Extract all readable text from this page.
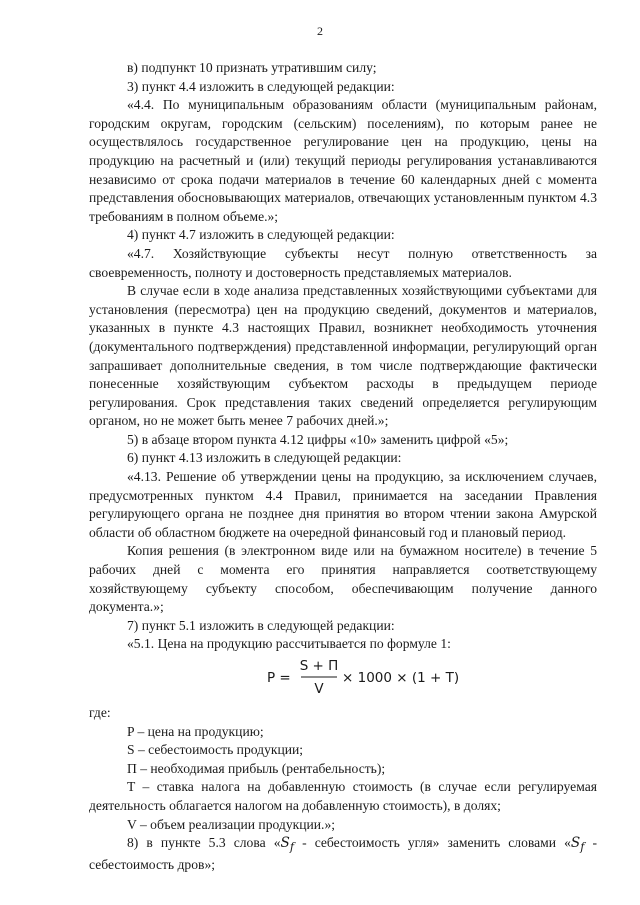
2

в) подпункт 10 признать утратившим силу;

3) пункт 4.4 изложить в следующей редакции:

«4.4. По муниципальным образованиям области (муниципальным районам, городским округам, городским (сельским) поселениям), по которым ранее не осуществлялось государственное регулирование цен на продукцию, цены на продукцию на расчетный и (или) текущий периоды регулирования устанавливаются независимо от срока подачи материалов в течение 60 календарных дней с момента представления обосновывающих материалов, отвечающих установленным пунктом 4.3 требованиям в полном объеме.»;

4) пункт 4.7 изложить в следующей редакции:

«4.7. Хозяйствующие субъекты несут полную ответственность за своевременность, полноту и достоверность представляемых материалов.

В случае если в ходе анализа представленных хозяйствующими субъектами для установления (пересмотра) цен на продукцию сведений, документов и материалов, указанных в пункте 4.3 настоящих Правил, возникнет необходимость уточнения (документального подтверждения) представленной информации, регулирующий орган запрашивает дополнительные сведения, в том числе подтверждающие фактически понесенные хозяйствующим субъектом расходы в предыдущем периоде регулирования. Срок представления таких сведений определяется регулирующим органом, но не может быть менее 7 рабочих дней.»;

5) в абзаце втором пункта 4.12 цифры «10» заменить цифрой «5»;

6) пункт 4.13 изложить в следующей редакции:

«4.13. Решение об утверждении цены на продукцию, за исключением случаев, предусмотренных пунктом 4.4 Правил, принимается на заседании Правления регулирующего органа не позднее дня принятия во втором чтении закона Амурской области об областном бюджете на очередной финансовый год и плановый период.

Копия решения (в электронном виде или на бумажном носителе) в течение 5 рабочих дней с момента его принятия направляется соответствующему хозяйствующему субъекту способом, обеспечивающим получение данного документа.»;

7) пункт 5.1 изложить в следующей редакции:

«5.1. Цена на продукцию рассчитывается по формуле 1:

P =
S + П
V
× 1000 × (1 + T)

где:

P – цена на продукцию;

S – себестоимость продукции;

П – необходимая прибыль (рентабельность);

T – ставка налога на добавленную стоимость (в случае если регулируемая деятельность облагается налогом на добавленную стоимость), в долях;

V – объем реализации продукции.»;

8) в пункте 5.3 слова «$S_f$ - себестоимость угля» заменить словами «$S_f$ - себестоимость дров»;
